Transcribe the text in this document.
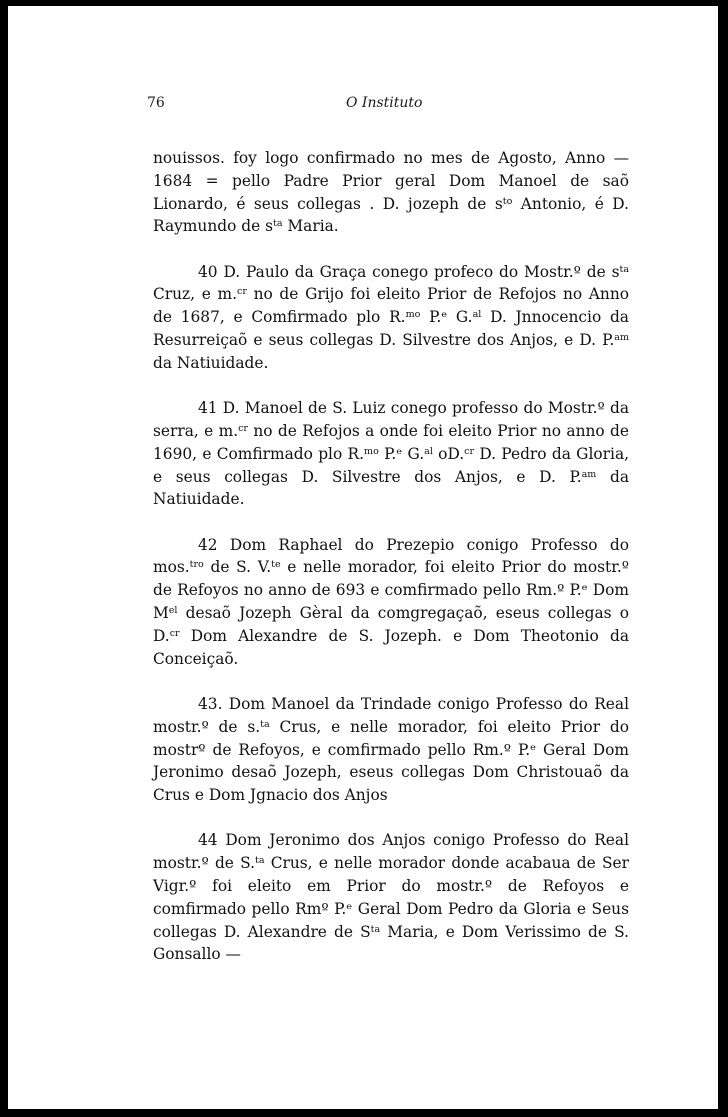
76	O Instituto

nouissos. foy logo confirmado no mes de Agosto, Anno — 1684 = pello Padre Prior geral Dom Manoel de saõ Lionardo, é seus collegas . D. jozeph de $s^{to}$ Antonio, é D. Raymundo de $s^{ta}$ Maria.

40 D. Paulo da Graça conego profeco do Mostr.º de $s^{ta}$ Cruz, e m.$^{cr}$ no de Grijo foi eleito Prior de Refojos no Anno de 1687, e Comfirmado plo R.$^{mo}$ P.ᵉ G.$^{al}$ D. Jnnocencio da Resurreiçaõ e seus collegas D. Silvestre dos Anjos, e D. P.$^{am}$ da Natiuidade.

41 D. Manoel de S. Luiz conego professo do Mostr.º da serra, e m.$^{cr}$ no de Refojos a onde foi eleito Prior no anno de 1690, e Comfirmado plo R.$^{mo}$ P.ᵉ G.$^{al}$ oD.$^{cr}$ D. Pedro da Gloria, e seus collegas D. Silvestre dos Anjos, e D. P.$^{am}$ da Natiuidade.

42 Dom Raphael do Prezepio conigo Professo do mos.$^{tro}$ de S. V.$^{te}$ e nelle morador, foi eleito Prior do mostr.º de Refoyos no anno de 693 e comfirmado pello Rm.º P.ᵉ Dom $M^{el}$ desaõ Jozeph Gèral da comgregaçaõ, eseus collegas o D.$^{cr}$ Dom Alexandre de S. Jozeph. e Dom Theotonio da Conceiçaõ.

43. Dom Manoel da Trindade conigo Professo do Real mostr.º de s.$^{ta}$ Crus, e nelle morador, foi eleito Prior do mostrº de Refoyos, e comfirmado pello Rm.º P.ᵉ Geral Dom Jeronimo desaõ Jozeph, eseus collegas Dom Christouaõ da Crus e Dom Jgnacio dos Anjos

44 Dom Jeronimo dos Anjos conigo Professo do Real mostr.º de S.$^{ta}$ Crus, e nelle morador donde acabaua de Ser Vigr.º foi eleito em Prior do mostr.º de Refoyos e comfirmado pello Rmº P.ᵉ Geral Dom Pedro da Gloria e Seus collegas D. Alexandre de $S^{ta}$ Maria, e Dom Verissimo de S. Gonsallo —
